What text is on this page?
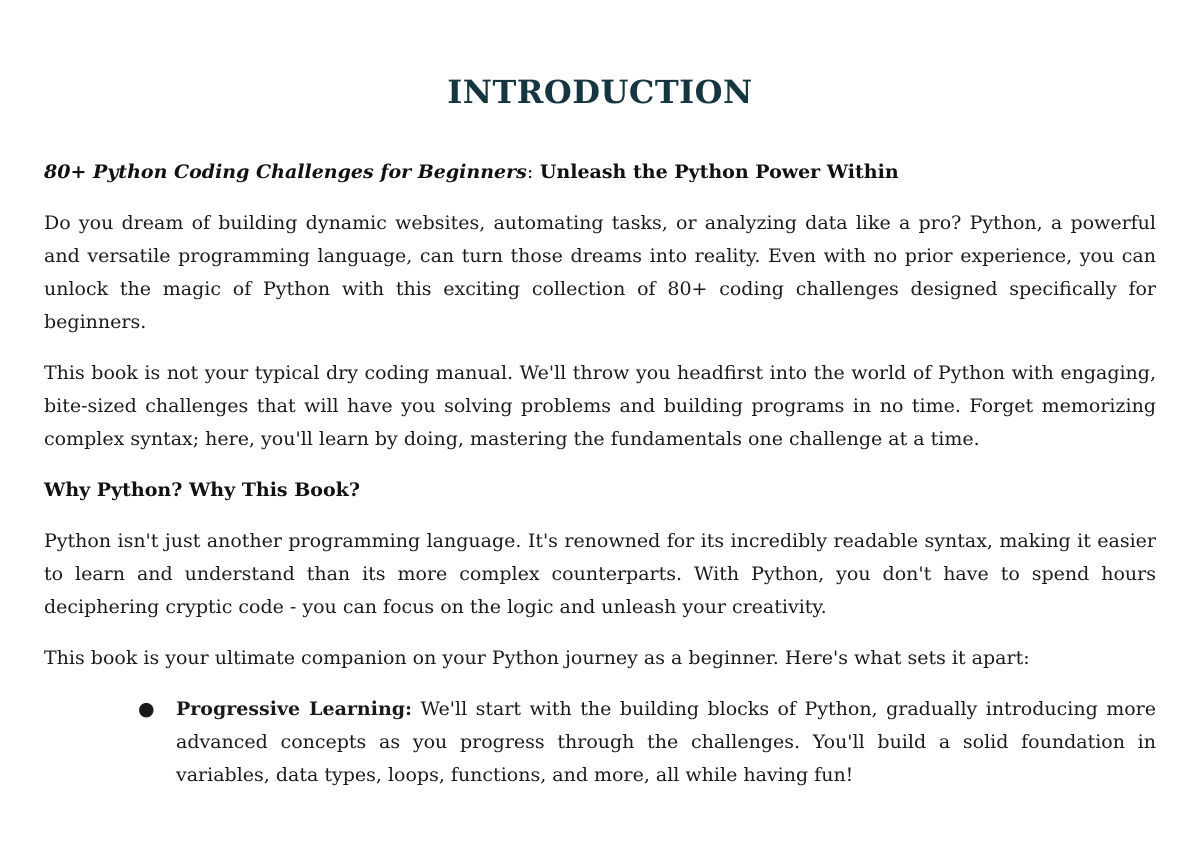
INTRODUCTION

80+ Python Coding Challenges for Beginners: Unleash the Python Power Within

Do you dream of building dynamic websites, automating tasks, or analyzing data like a pro? Python, a powerful and versatile programming language, can turn those dreams into reality. Even with no prior experience, you can unlock the magic of Python with this exciting collection of 80+ coding challenges designed specifically for beginners.

This book is not your typical dry coding manual. We'll throw you headfirst into the world of Python with engaging, bite-sized challenges that will have you solving problems and building programs in no time. Forget memorizing complex syntax; here, you'll learn by doing, mastering the fundamentals one challenge at a time.

Why Python? Why This Book?

Python isn't just another programming language. It's renowned for its incredibly readable syntax, making it easier to learn and understand than its more complex counterparts. With Python, you don't have to spend hours deciphering cryptic code - you can focus on the logic and unleash your creativity.

This book is your ultimate companion on your Python journey as a beginner. Here's what sets it apart:

● Progressive Learning: We'll start with the building blocks of Python, gradually introducing more advanced concepts as you progress through the challenges. You'll build a solid foundation in variables, data types, loops, functions, and more, all while having fun!
